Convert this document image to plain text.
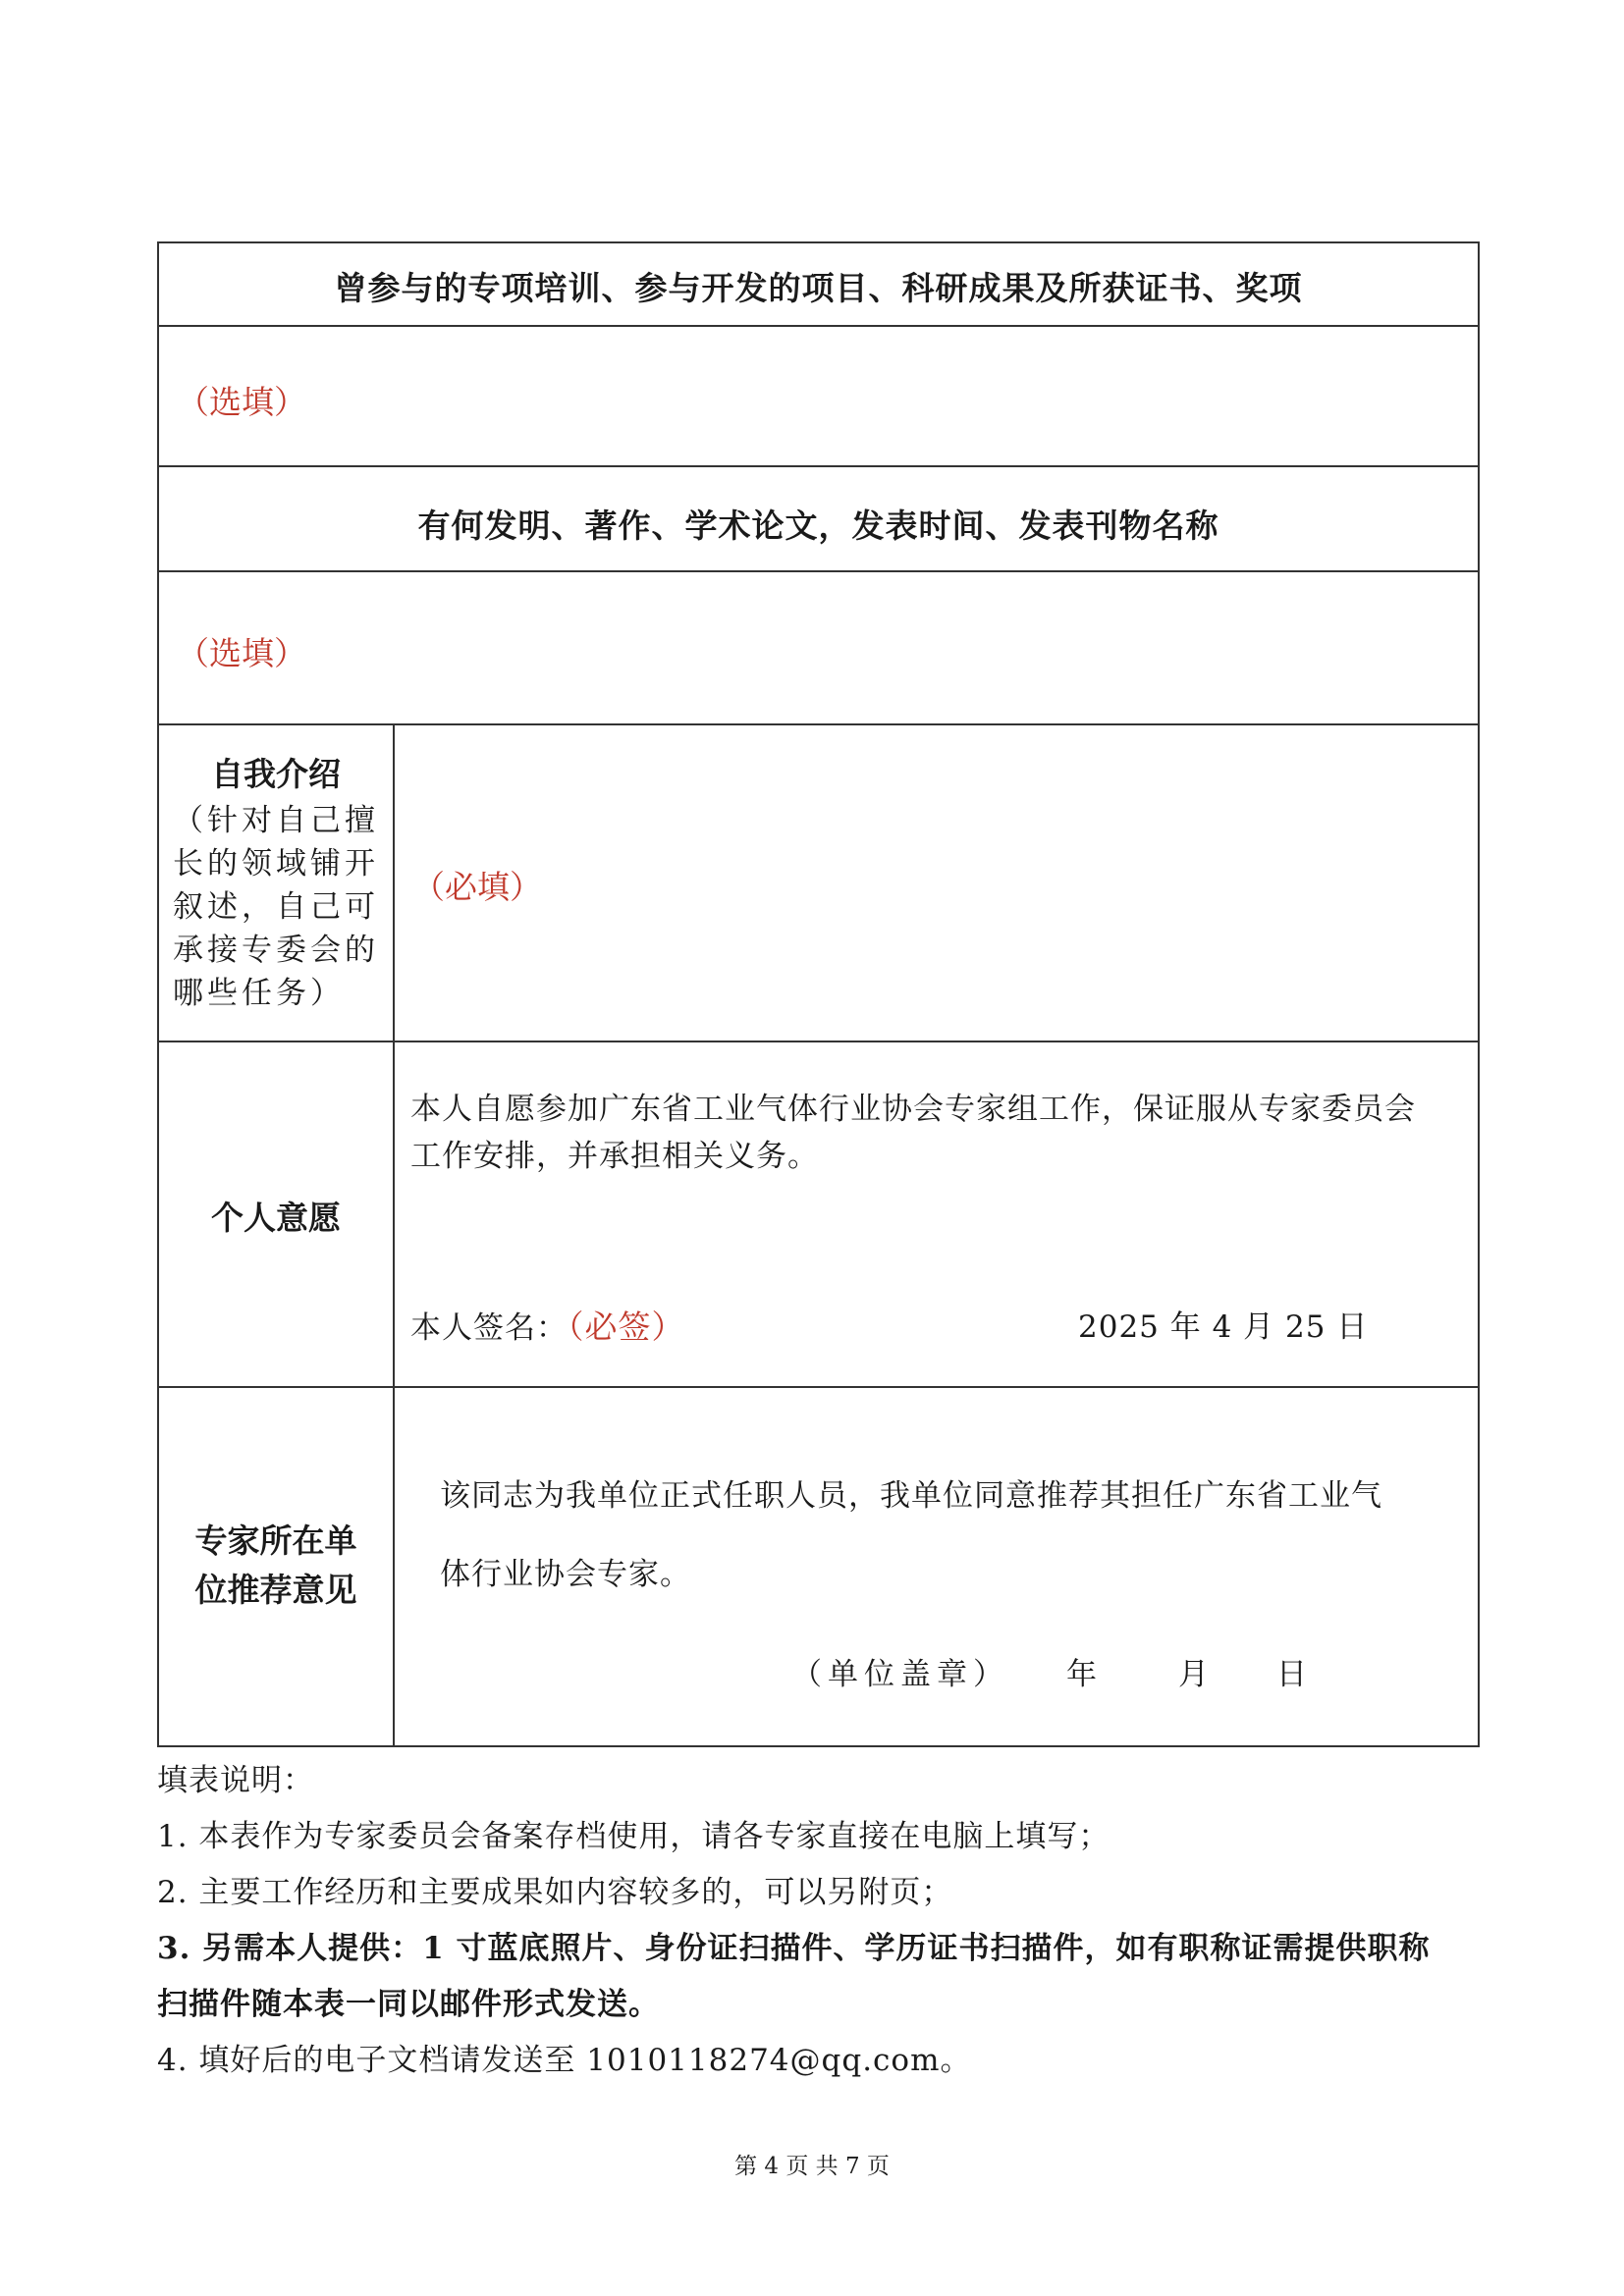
曾参与的专项培训、参与开发的项目、科研成果及所获证书、奖项
（选填）
有何发明、著作、学术论文，发表时间、发表刊物名称
（选填）
自我介绍
（针对自己擅
长的领域铺开
叙述，自己可
承接专委会的
哪些任务）
（必填）
个人意愿
本人自愿参加广东省工业气体行业协会专家组工作，保证服从专家委员会
工作安排，并承担相关义务。
本人签名：（必签）	2025 年 4 月 25 日
专家所在单
位推荐意见
该同志为我单位正式任职人员，我单位同意推荐其担任广东省工业气
体行业协会专家。
（单位盖章） 年	月 日
填表说明：
1. 本表作为专家委员会备案存档使用，请各专家直接在电脑上填写；
2. 主要工作经历和主要成果如内容较多的，可以另附页；
3. 另需本人提供：1 寸蓝底照片、身份证扫描件、学历证书扫描件，如有职称证需提供职称
扫描件随本表一同以邮件形式发送。
4. 填好后的电子文档请发送至 1010118274@qq.com。
第 4 页 共 7 页
